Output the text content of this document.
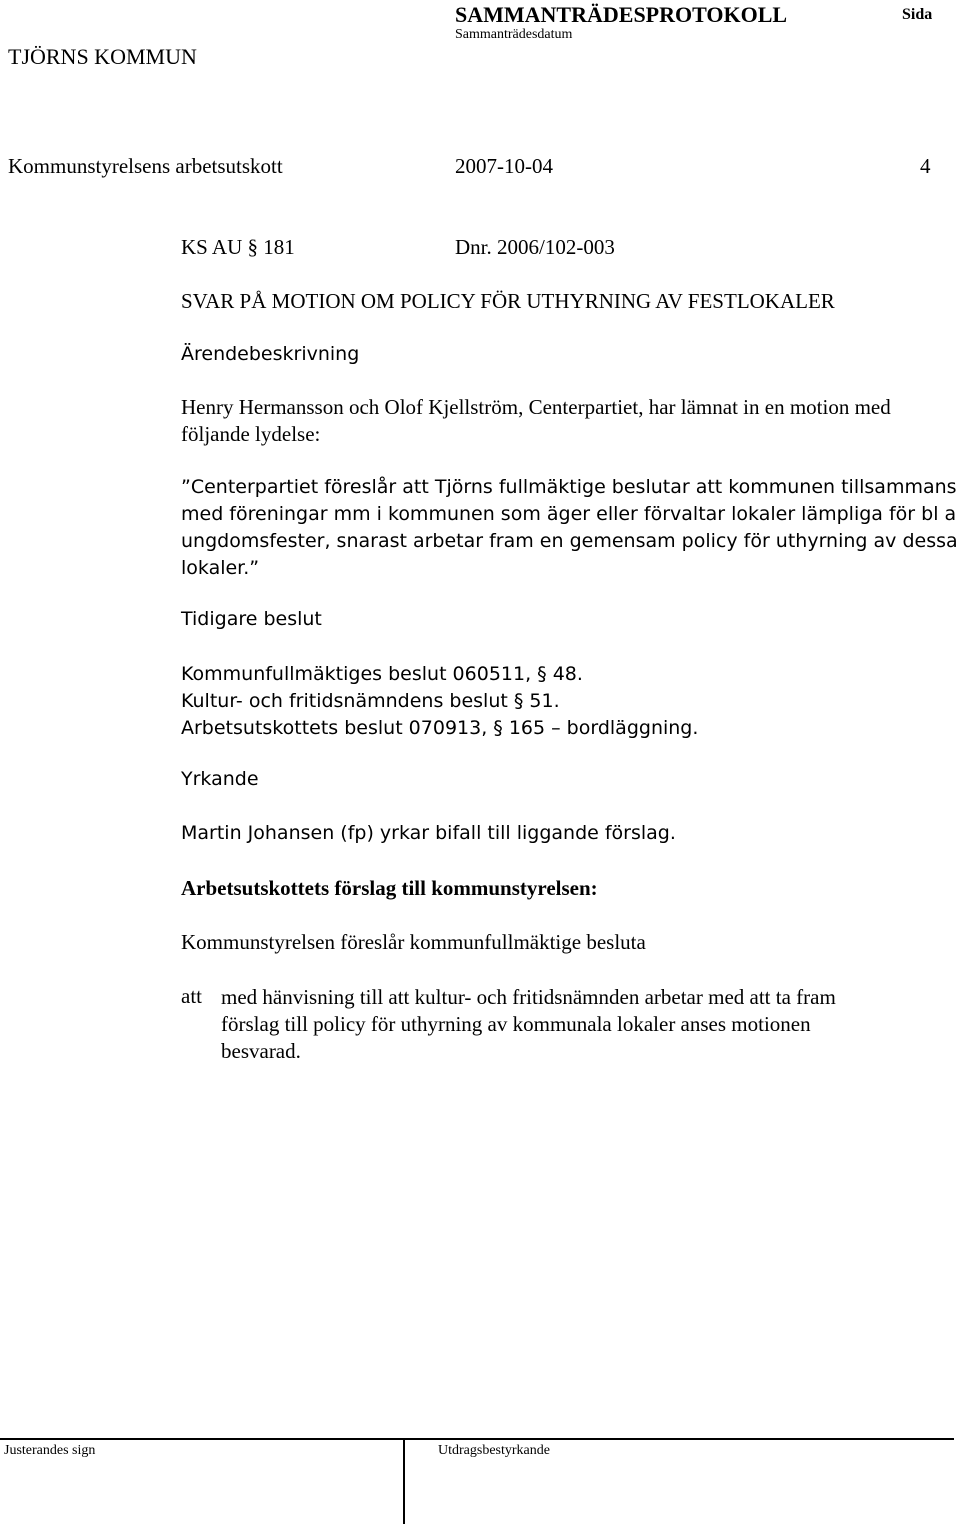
TJÖRNS KOMMUN
SAMMANTRÄDESPROTOKOLL
Sammanträdesdatum
Sida
Kommunstyrelsens arbetsutskott	2007-10-04	4
KS AU § 181	Dnr. 2006/102-003
SVAR PÅ MOTION OM POLICY FÖR UTHYRNING AV FESTLOKALER
Ärendebeskrivning
Henry Hermansson och Olof Kjellström, Centerpartiet, har lämnat in en motion med
följande lydelse:
”Centerpartiet föreslår att Tjörns fullmäktige beslutar att kommunen tillsammans
med föreningar mm i kommunen som äger eller förvaltar lokaler lämpliga för bl a
ungdomsfester, snarast arbetar fram en gemensam policy för uthyrning av dessa
lokaler.”
Tidigare beslut
Kommunfullmäktiges beslut 060511, § 48.
Kultur- och fritidsnämndens beslut § 51.
Arbetsutskottets beslut 070913, § 165 – bordläggning.
Yrkande
Martin Johansen (fp) yrkar bifall till liggande förslag.
Arbetsutskottets förslag till kommunstyrelsen:
Kommunstyrelsen föreslår kommunfullmäktige besluta
att med hänvisning till att kultur- och fritidsnämnden arbetar med att ta fram
förslag till policy för uthyrning av kommunala lokaler anses motionen
besvarad.
Justerandes sign	Utdragsbestyrkande
